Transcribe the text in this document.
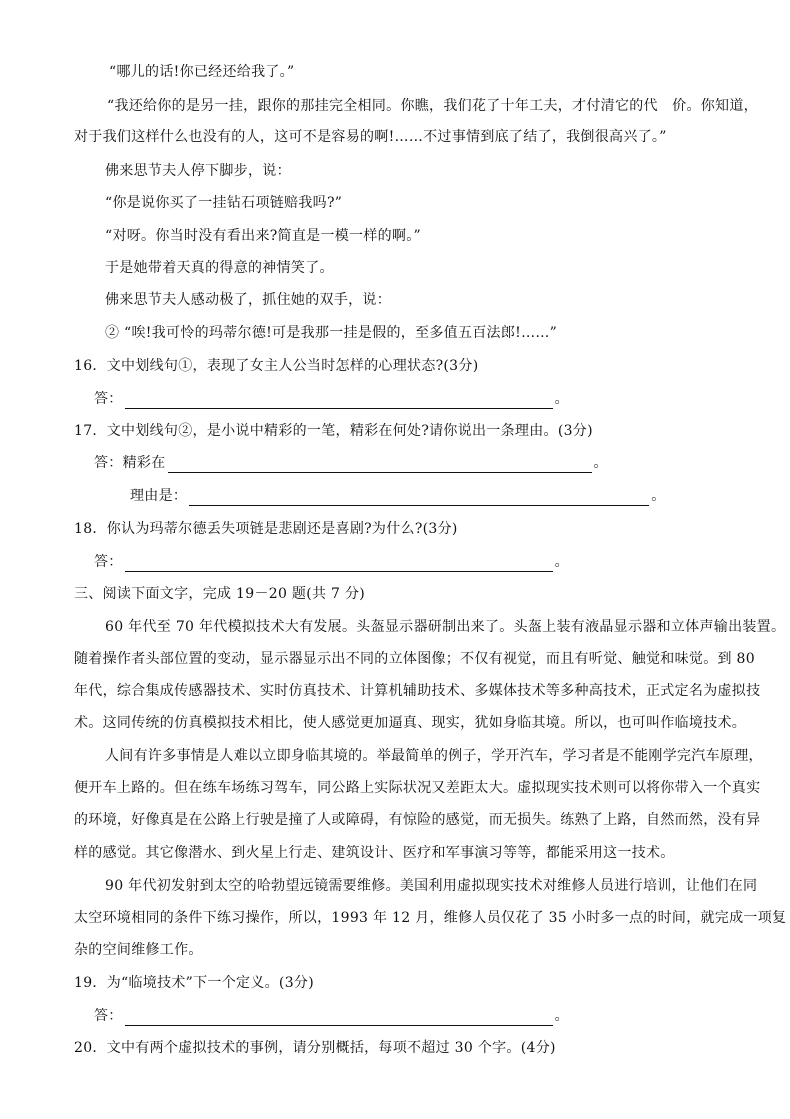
“哪儿的话!你已经还给我了。”
“我还给你的是另一挂，跟你的那挂完全相同。你瞧，我们花了十年工夫，才付清它的代　价。你知道，
对于我们这样什么也没有的人，这可不是容易的啊!……不过事情到底了结了，我倒很高兴了。”
佛来思节夫人停下脚步，说：
“你是说你买了一挂钻石项链赔我吗?”
“对呀。你当时没有看出来?简直是一模一样的啊。”
于是她带着天真的得意的神情笑了。
佛来思节夫人感动极了，抓住她的双手，说：
② “唉!我可怜的玛蒂尔德!可是我那一挂是假的，至多值五百法郎!……”
16．文中划线句①，表现了女主人公当时怎样的心理状态?(3分)
答：	。
17．文中划线句②，是小说中精彩的一笔，精彩在何处?请你说出一条理由。(3分)
答：精彩在	。
理由是：	。
18．你认为玛蒂尔德丢失项链是悲剧还是喜剧?为什么?(3分)
答：	。
三、阅读下面文字，完成 19－20 题(共 7 分)
60 年代至 70 年代模拟技术大有发展。头盔显示器研制出来了。头盔上装有液晶显示器和立体声输出装置。
随着操作者头部位置的变动，显示器显示出不同的立体图像；不仅有视觉，而且有听觉、触觉和味觉。到 80
年代，综合集成传感器技术、实时仿真技术、计算机辅助技术、多媒体技术等多种高技术，正式定名为虚拟技
术。这同传统的仿真模拟技术相比，使人感觉更加逼真、现实，犹如身临其境。所以，也可叫作临境技术。
人间有许多事情是人难以立即身临其境的。举最简单的例子，学开汽车，学习者是不能刚学完汽车原理，
便开车上路的。但在练车场练习驾车，同公路上实际状况又差距太大。虚拟现实技术则可以将你带入一个真实
的环境，好像真是在公路上行驶是撞了人或障碍，有惊险的感觉，而无损失。练熟了上路，自然而然，没有异
样的感觉。其它像潜水、到火星上行走、建筑设计、医疗和军事演习等等，都能采用这一技术。
90 年代初发射到太空的哈勃望远镜需要维修。美国利用虚拟现实技术对维修人员进行培训，让他们在同
太空环境相同的条件下练习操作，所以，1993 年 12 月，维修人员仅花了 35 小时多一点的时间，就完成一项复
杂的空间维修工作。
19．为“临境技术”下一个定义。(3分)
答：	。
20．文中有两个虚拟技术的事例，请分别概括，每项不超过 30 个字。(4分)
